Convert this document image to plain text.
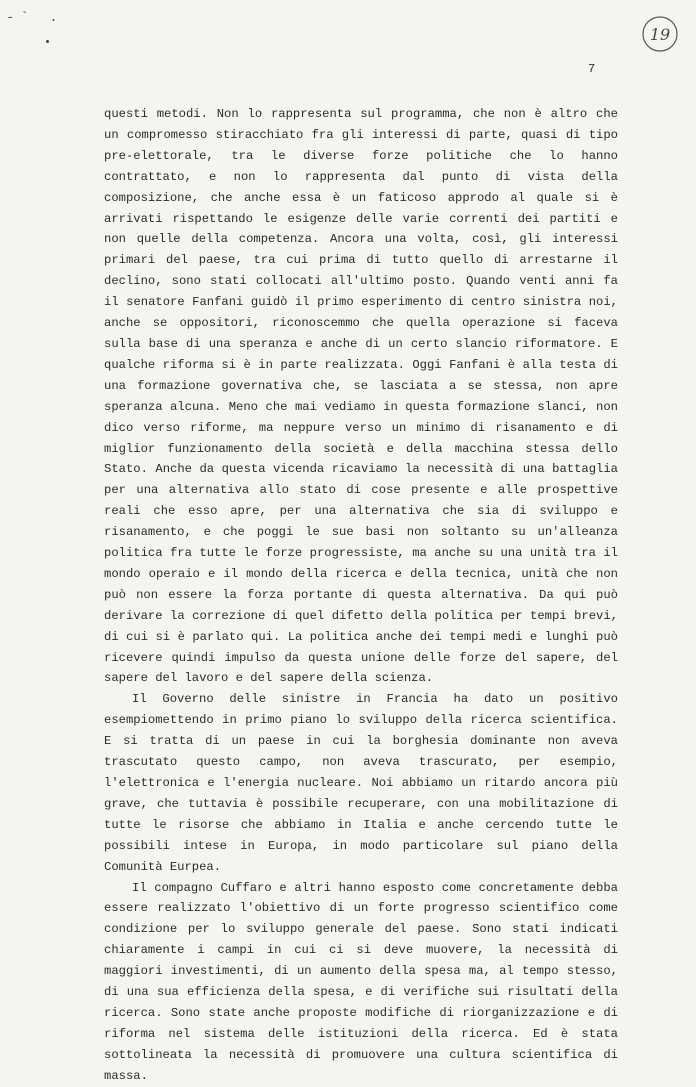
-` .
19
7

questi metodi. Non lo rappresenta sul programma, che non è altro che un compromesso stiracchiato fra gli interessi di parte, quasi di tipo pre-elettorale, tra le diverse forze politiche che lo hanno contrattato, e non lo rappresenta dal punto di vista della composizione, che anche essa è un faticoso approdo al quale si è arrivati rispettando le esigenze delle varie correnti dei partiti e non quelle della competenza. Ancora una volta, così, gli interessi primari del paese, tra cui prima di tutto quello di arrestarne il declino, sono stati collocati all'ultimo posto. Quando venti anni fa il senatore Fanfani guidò il primo esperimento di centro sinistra noi, anche se oppositori, riconoscemmo che quella operazione si faceva sulla base di una speranza e anche di un certo slancio riformatore. E qualche riforma si è in parte realizzata. Oggi Fanfani è alla testa di una formazione governativa che, se lasciata a se stessa, non apre speranza alcuna. Meno che mai vediamo in questa formazione slanci, non dico verso riforme, ma neppure verso un minimo di risanamento e di miglior funzionamento della società e della macchina stessa dello Stato. Anche da questa vicenda ricaviamo la necessità di una battaglia per una alternativa allo stato di cose presente e alle prospettive reali che esso apre, per una alternativa che sia di sviluppo e risanamento, e che poggi le sue basi non soltanto su un'alleanza politica fra tutte le forze progressiste, ma anche su una unità tra il mondo operaio e il mondo della ricerca e della tecnica, unità che non può non essere la forza portante di questa alternativa. Da qui può derivare la correzione di quel difetto della politica per tempi brevi, di cui si è parlato qui. La politica anche dei tempi medi e lunghi può ricevere quindi impulso da questa unione delle forze del sapere, del sapere del lavoro e del sapere della scienza.

Il Governo delle sinistre in Francia ha dato un positivo esempiomettendo in primo piano lo sviluppo della ricerca scientifica. E si tratta di un paese in cui la borghesia dominante non aveva trascutato questo campo, non aveva trascurato, per esempio, l'elettronica e l'energia nucleare. Noi abbiamo un ritardo ancora più grave, che tuttavia è possibile recuperare, con una mobilitazione di tutte le risorse che abbiamo in Italia e anche cercendo tutte le possibili intese in Europa, in modo particolare sul piano della Comunità Eurpea.

Il compagno Cuffaro e altri hanno esposto come concretamente debba essere realizzato l'obiettivo di un forte progresso scientifico come condizione per lo sviluppo generale del paese. Sono stati indicati chiaramente i campi in cui ci si deve muovere, la necessità di maggiori investimenti, di un aumento della spesa ma, al tempo stesso, di una sua efficienza della spesa, e di verifiche sui risultati della ricerca. Sono state anche proposte modifiche di riorganizzazione e di riforma nel sistema delle istituzioni della ricerca. Ed è stata sottolineata la necessità di promuovere una cultura scientifica di massa.
